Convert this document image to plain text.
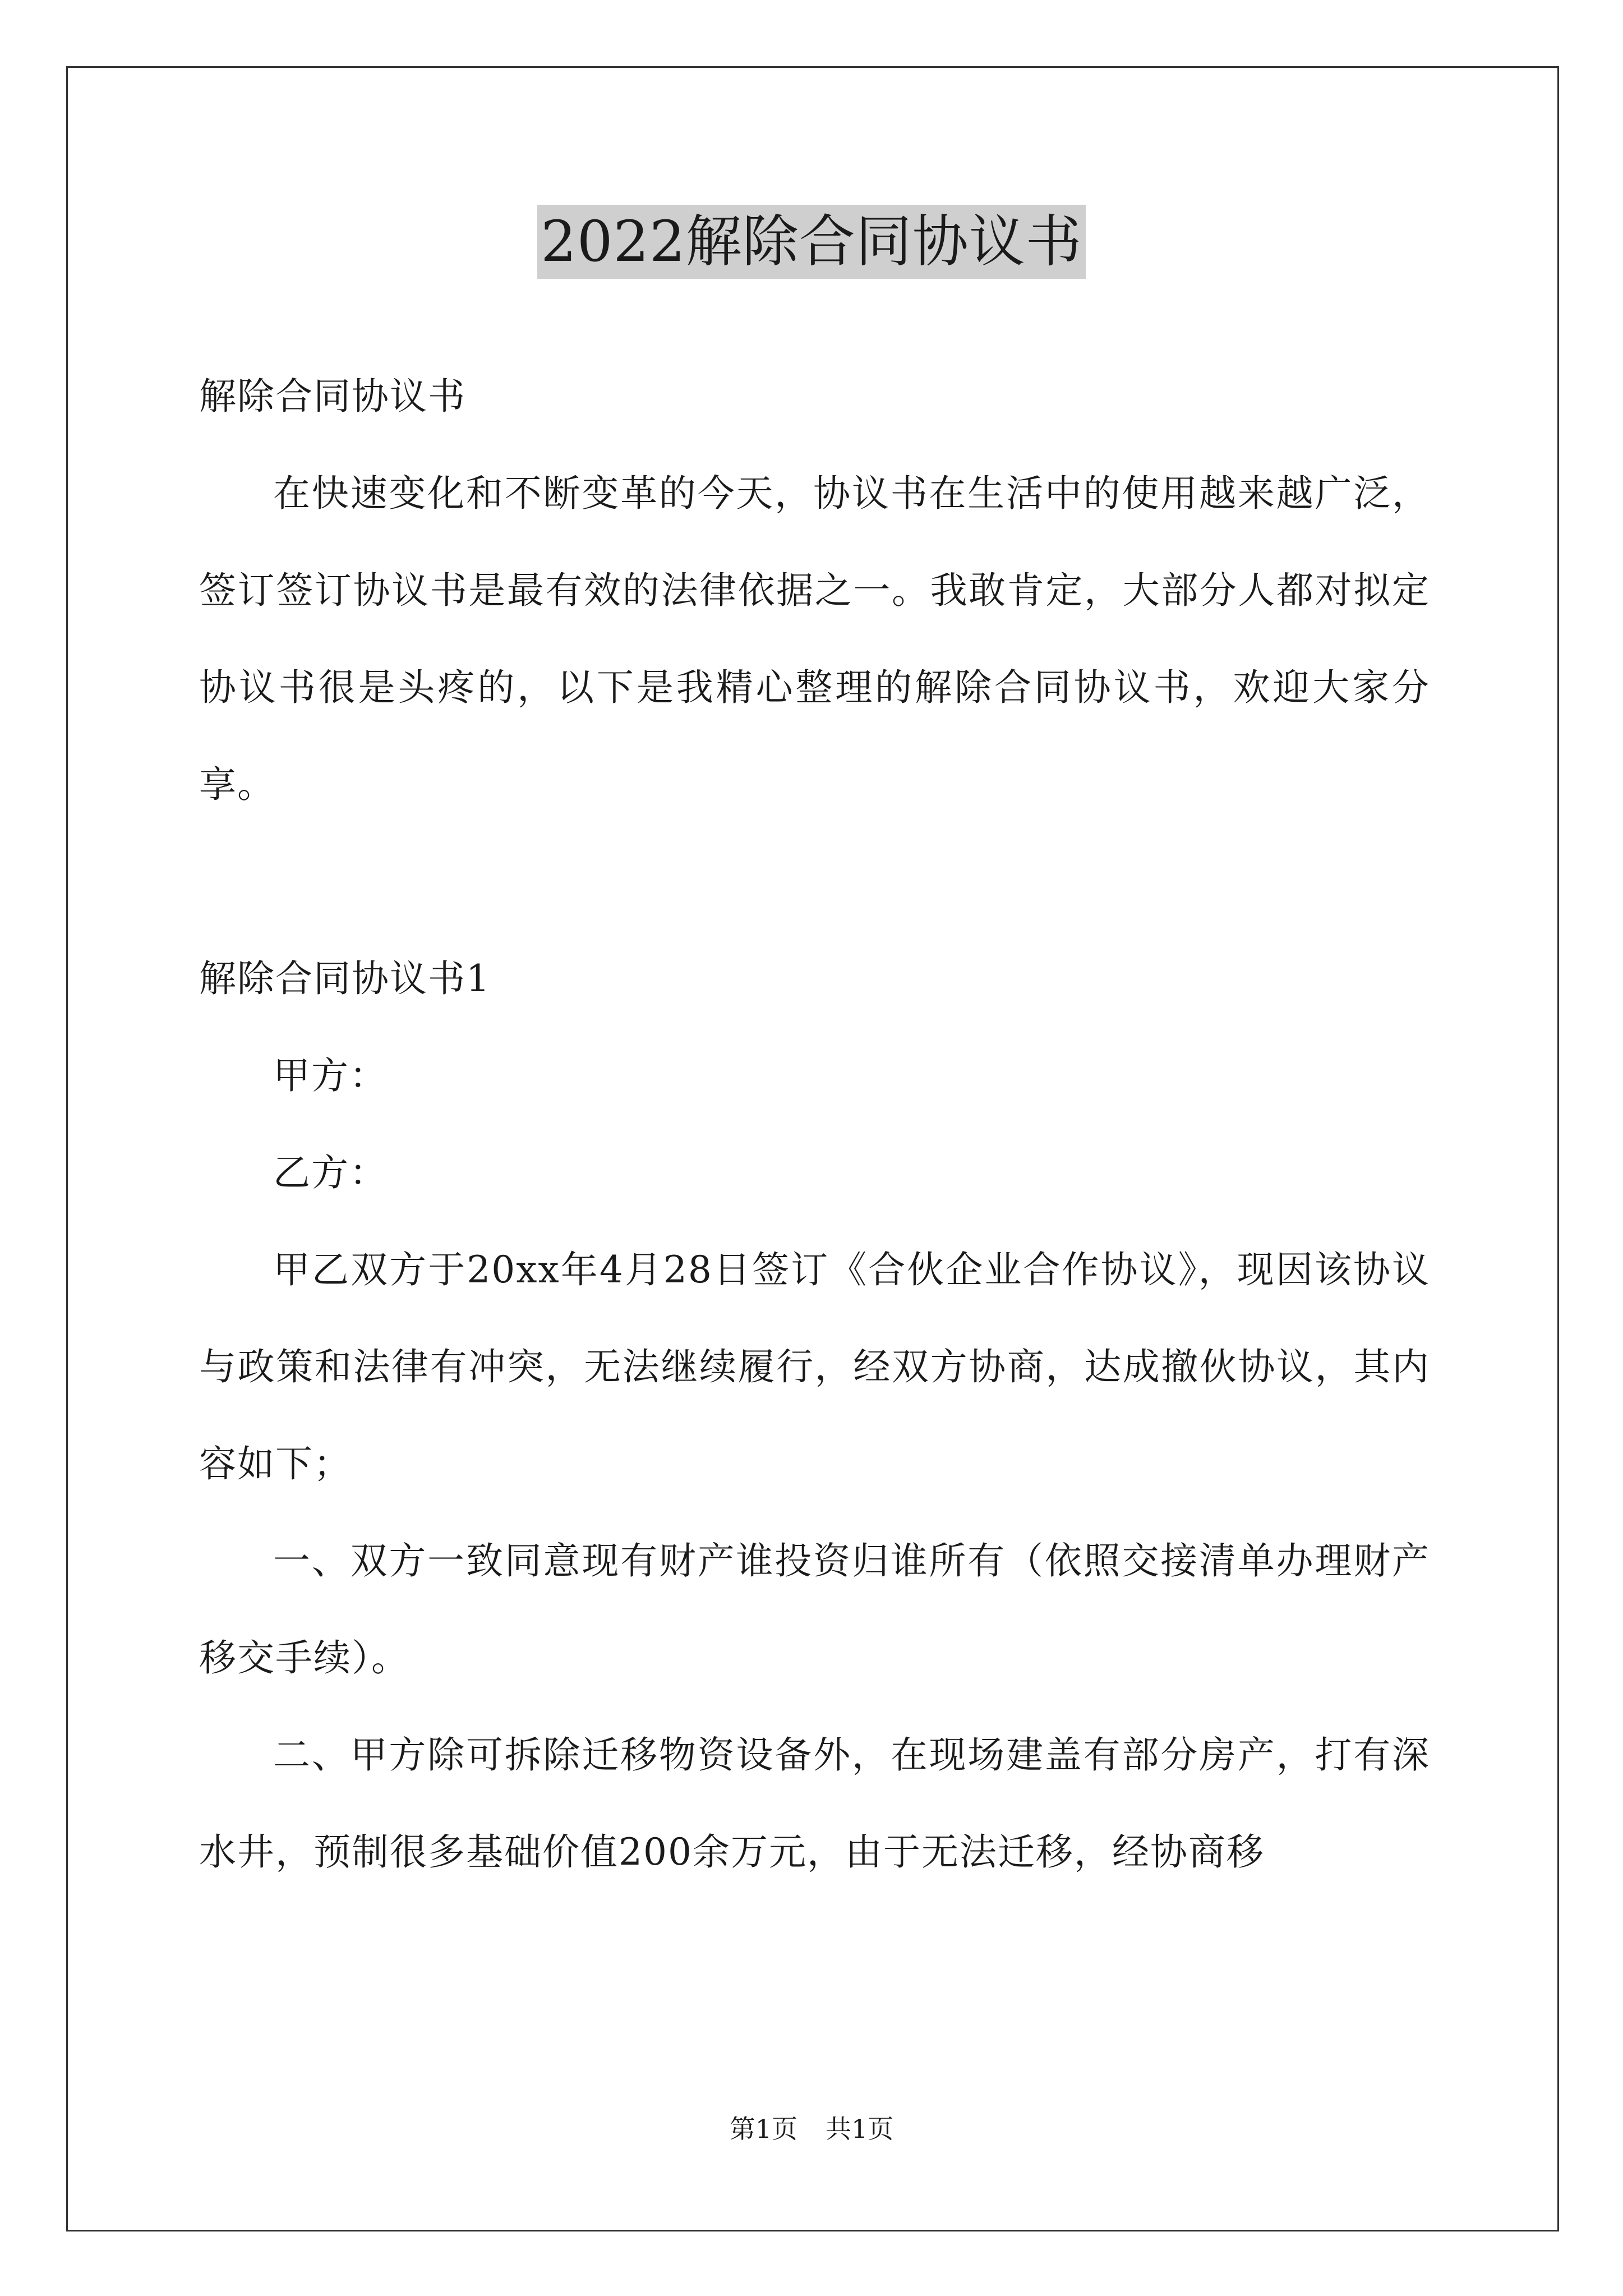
2022解除合同协议书

解除合同协议书

在快速变化和不断变革的今天，协议书在生活中的使用越来越广泛，签订签订协议书是最有效的法律依据之一。我敢肯定，大部分人都对拟定协议书很是头疼的，以下是我精心整理的解除合同协议书，欢迎大家分享。

解除合同协议书1

甲方：

乙方：

甲乙双方于20xx年4月28日签订《合伙企业合作协议》，现因该协议与政策和法律有冲突，无法继续履行，经双方协商，达成撤伙协议，其内容如下；

一、双方一致同意现有财产谁投资归谁所有（依照交接清单办理财产移交手续）。

二、甲方除可拆除迁移物资设备外，在现场建盖有部分房产，打有深水井，预制很多基础价值200余万元，由于无法迁移，经协商移

第1页 共1页
